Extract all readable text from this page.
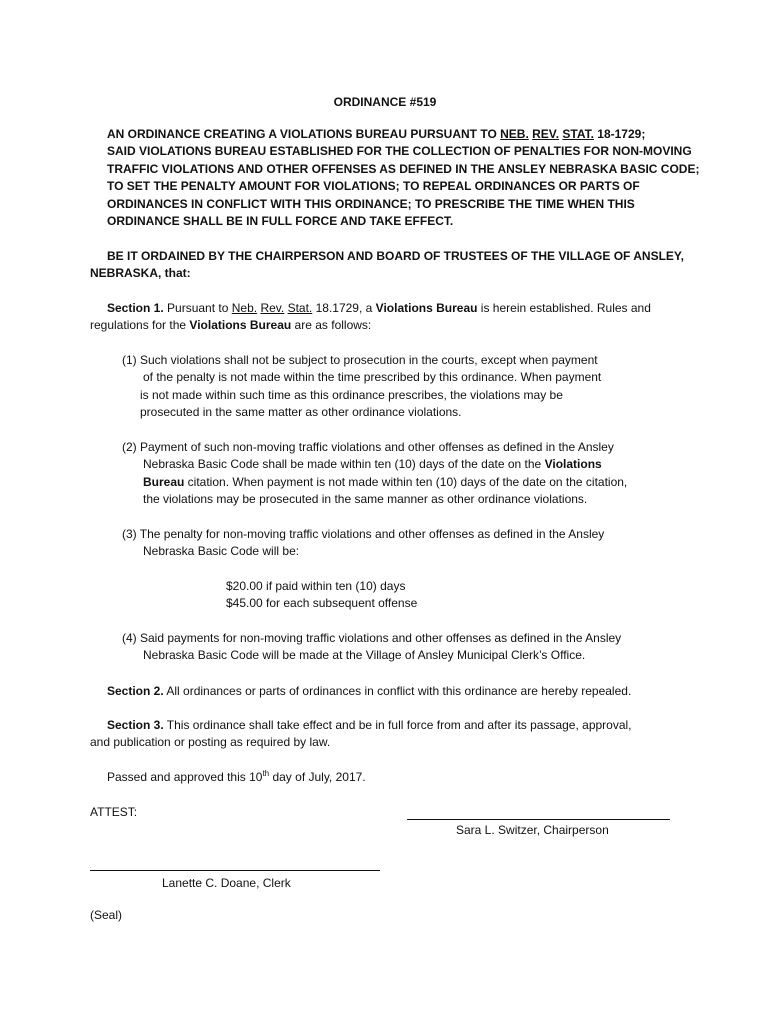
ORDINANCE #519
AN ORDINANCE CREATING A VIOLATIONS BUREAU PURSUANT TO NEB. REV. STAT. 18-1729;
SAID VIOLATIONS BUREAU ESTABLISHED FOR THE COLLECTION OF PENALTIES FOR NON-MOVING
TRAFFIC VIOLATIONS AND OTHER OFFENSES AS DEFINED IN THE ANSLEY NEBRASKA BASIC CODE;
TO SET THE PENALTY AMOUNT FOR VIOLATIONS; TO REPEAL ORDINANCES OR PARTS OF
ORDINANCES IN CONFLICT WITH THIS ORDINANCE; TO PRESCRIBE THE TIME WHEN THIS
ORDINANCE SHALL BE IN FULL FORCE AND TAKE EFFECT.
BE IT ORDAINED BY THE CHAIRPERSON AND BOARD OF TRUSTEES OF THE VILLAGE OF ANSLEY,
NEBRASKA, that:
Section 1. Pursuant to Neb. Rev. Stat. 18.1729, a Violations Bureau is herein established. Rules and
regulations for the Violations Bureau are as follows:
(1) Such violations shall not be subject to prosecution in the courts, except when payment
of the penalty is not made within the time prescribed by this ordinance. When payment
is not made within such time as this ordinance prescribes, the violations may be
prosecuted in the same matter as other ordinance violations.
(2) Payment of such non-moving traffic violations and other offenses as defined in the Ansley
Nebraska Basic Code shall be made within ten (10) days of the date on the Violations
Bureau citation. When payment is not made within ten (10) days of the date on the citation,
the violations may be prosecuted in the same manner as other ordinance violations.
(3) The penalty for non-moving traffic violations and other offenses as defined in the Ansley
Nebraska Basic Code will be:
$20.00 if paid within ten (10) days
$45.00 for each subsequent offense
(4) Said payments for non-moving traffic violations and other offenses as defined in the Ansley
Nebraska Basic Code will be made at the Village of Ansley Municipal Clerk’s Office.
Section 2. All ordinances or parts of ordinances in conflict with this ordinance are hereby repealed.
Section 3. This ordinance shall take effect and be in full force from and after its passage, approval,
and publication or posting as required by law.
Passed and approved this 10th day of July, 2017.
ATTEST:
Sara L. Switzer, Chairperson
Lanette C. Doane, Clerk
(Seal)
